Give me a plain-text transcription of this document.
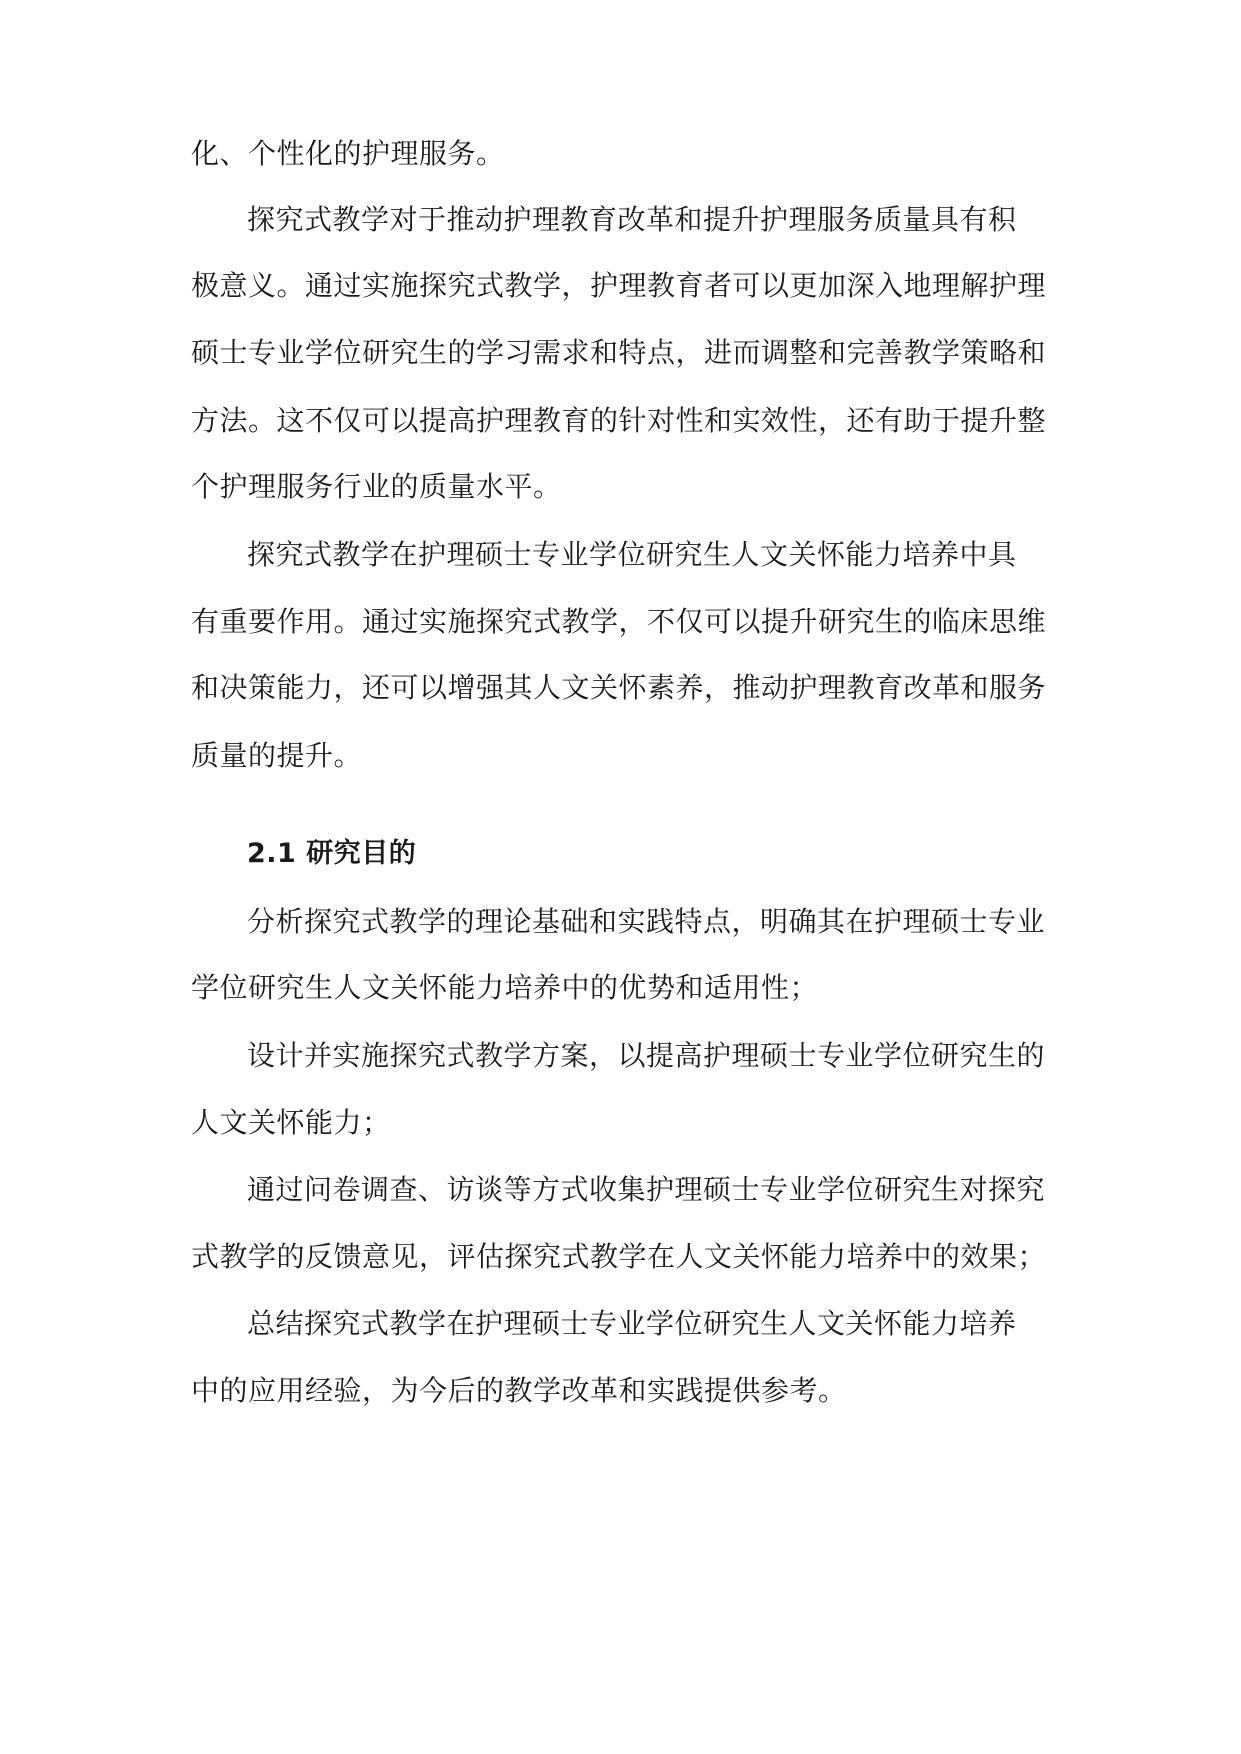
化、个性化的护理服务。
探究式教学对于推动护理教育改革和提升护理服务质量具有积
极意义。通过实施探究式教学，护理教育者可以更加深入地理解护理
硕士专业学位研究生的学习需求和特点，进而调整和完善教学策略和
方法。这不仅可以提高护理教育的针对性和实效性，还有助于提升整
个护理服务行业的质量水平。
探究式教学在护理硕士专业学位研究生人文关怀能力培养中具
有重要作用。通过实施探究式教学，不仅可以提升研究生的临床思维
和决策能力，还可以增强其人文关怀素养，推动护理教育改革和服务
质量的提升。
2.1 研究目的
分析探究式教学的理论基础和实践特点，明确其在护理硕士专业
学位研究生人文关怀能力培养中的优势和适用性；
设计并实施探究式教学方案，以提高护理硕士专业学位研究生的
人文关怀能力；
通过问卷调查、访谈等方式收集护理硕士专业学位研究生对探究
式教学的反馈意见，评估探究式教学在人文关怀能力培养中的效果；
总结探究式教学在护理硕士专业学位研究生人文关怀能力培养
中的应用经验，为今后的教学改革和实践提供参考。
